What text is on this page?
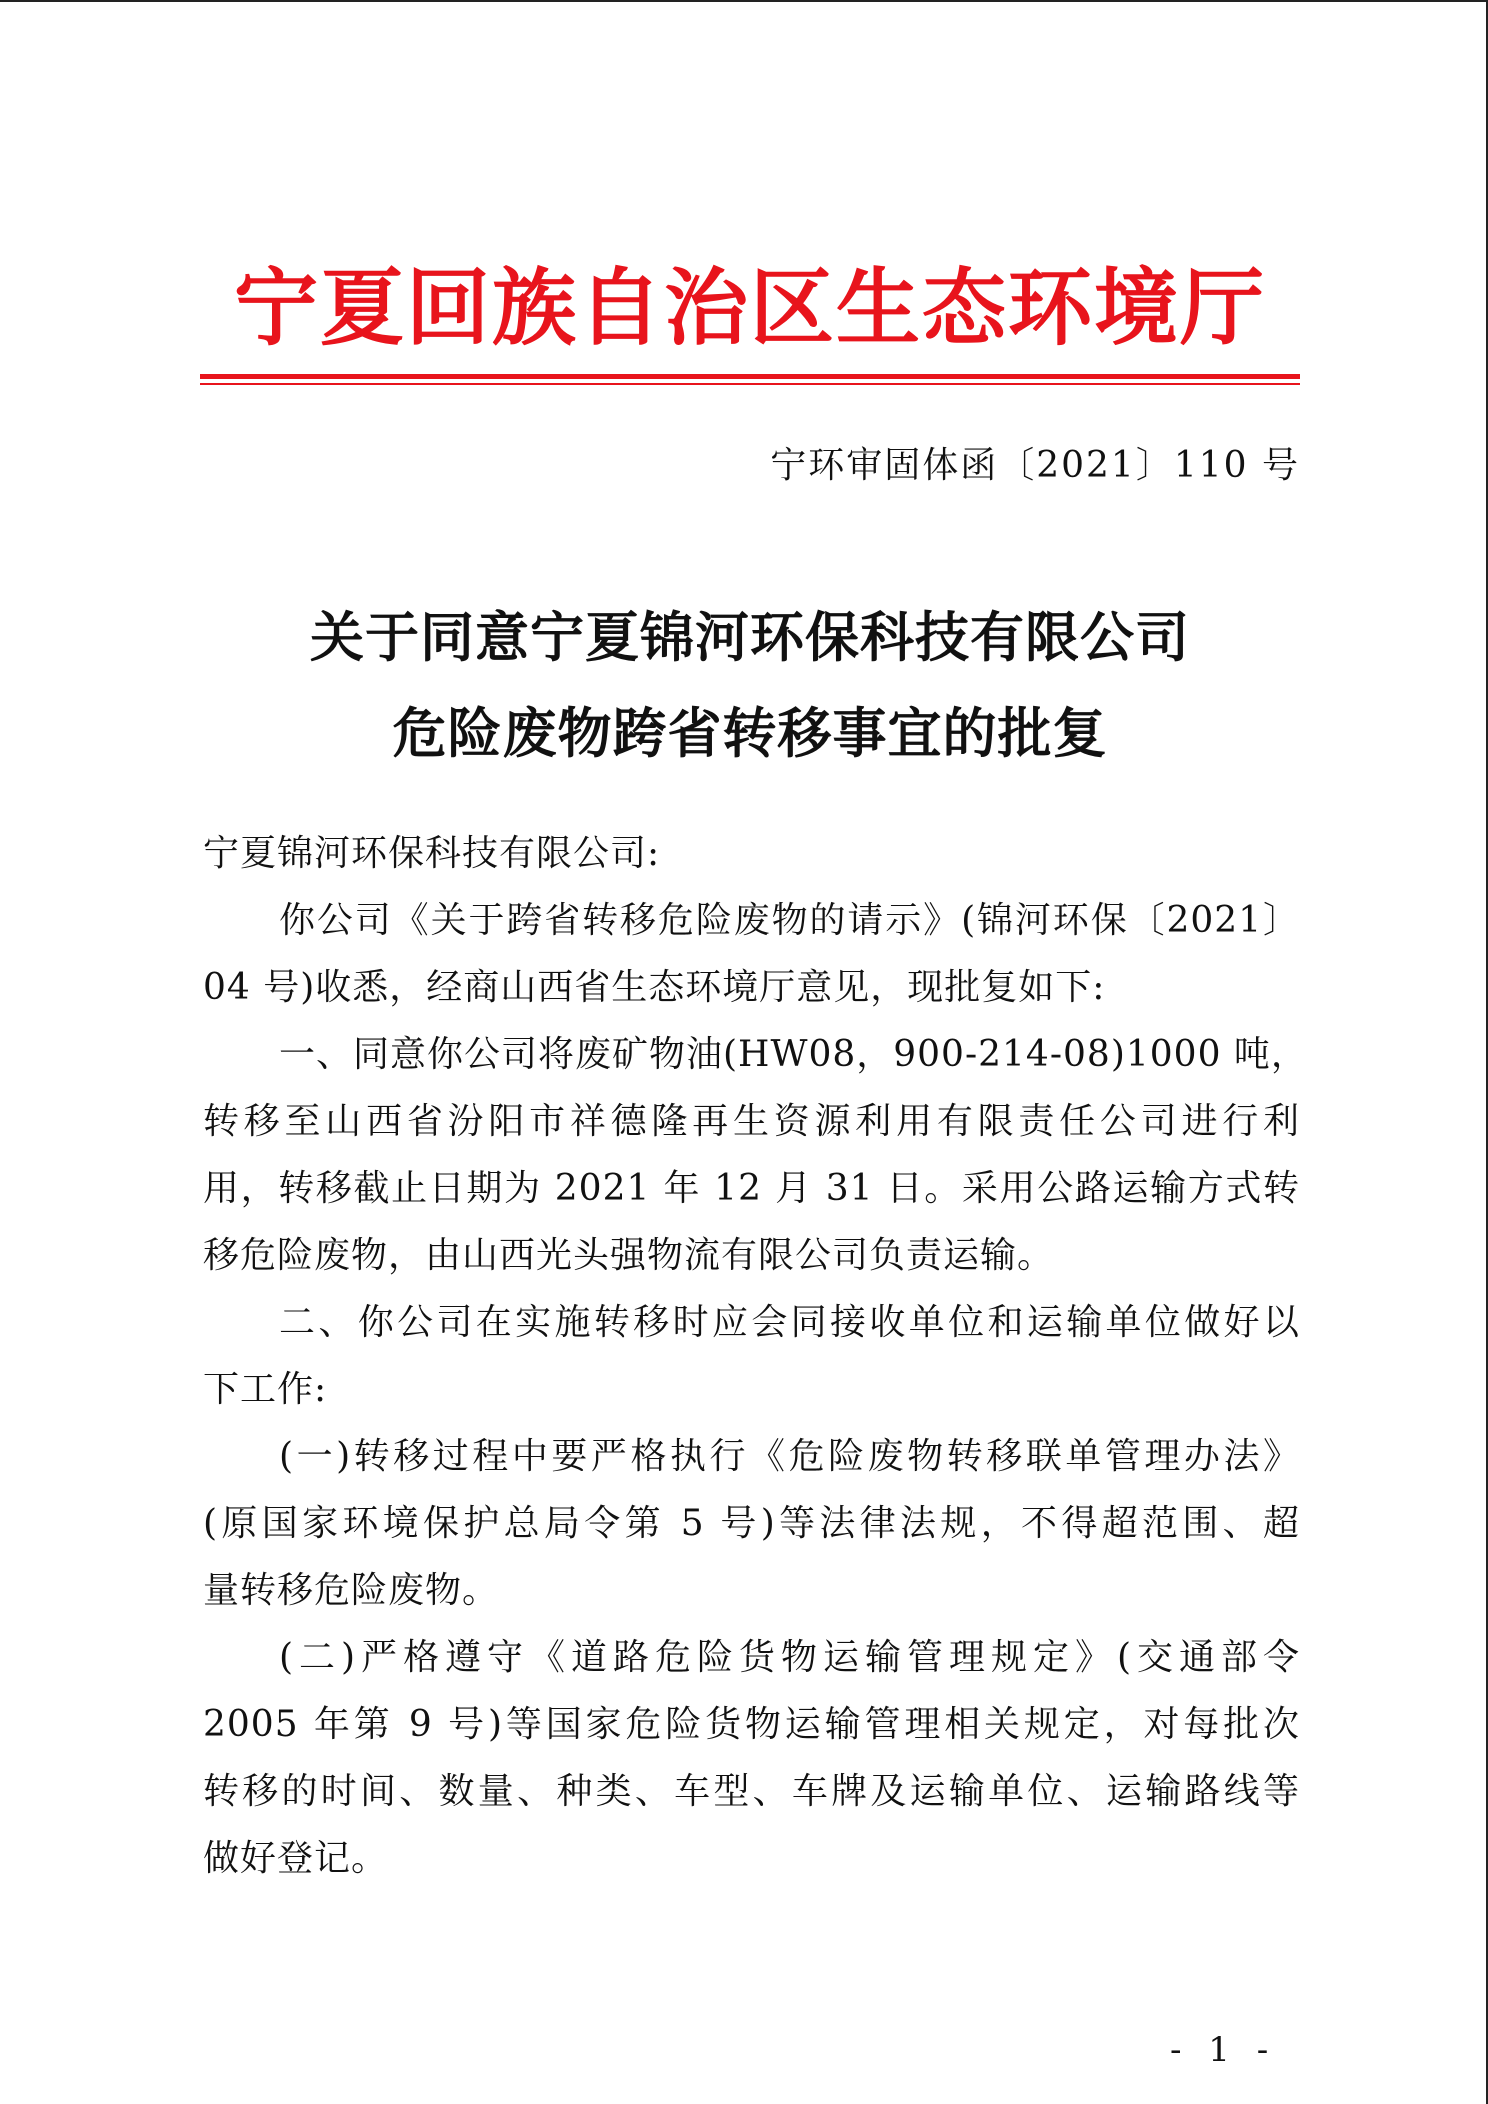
宁夏回族自治区生态环境厅
宁环审固体函〔2021〕110 号
关于同意宁夏锦河环保科技有限公司
危险废物跨省转移事宜的批复
宁夏锦河环保科技有限公司:
你公司《关于跨省转移危险废物的请示》(锦河环保〔2021〕
04 号)收悉，经商山西省生态环境厅意见，现批复如下:
一、同意你公司将废矿物油(HW08，900-214-08)1000 吨，
转移至山西省汾阳市祥德隆再生资源利用有限责任公司进行利
用，转移截止日期为 2021 年 12 月 31 日。采用公路运输方式转
移危险废物，由山西光头强物流有限公司负责运输。
二、你公司在实施转移时应会同接收单位和运输单位做好以
下工作:
(一)转移过程中要严格执行《危险废物转移联单管理办法》
(原国家环境保护总局令第 5 号)等法律法规，不得超范围、超
量转移危险废物。
(二)严格遵守《道路危险货物运输管理规定》(交通部令
2005 年第 9 号)等国家危险货物运输管理相关规定，对每批次
转移的时间、数量、种类、车型、车牌及运输单位、运输路线等
做好登记。
- 1 -
